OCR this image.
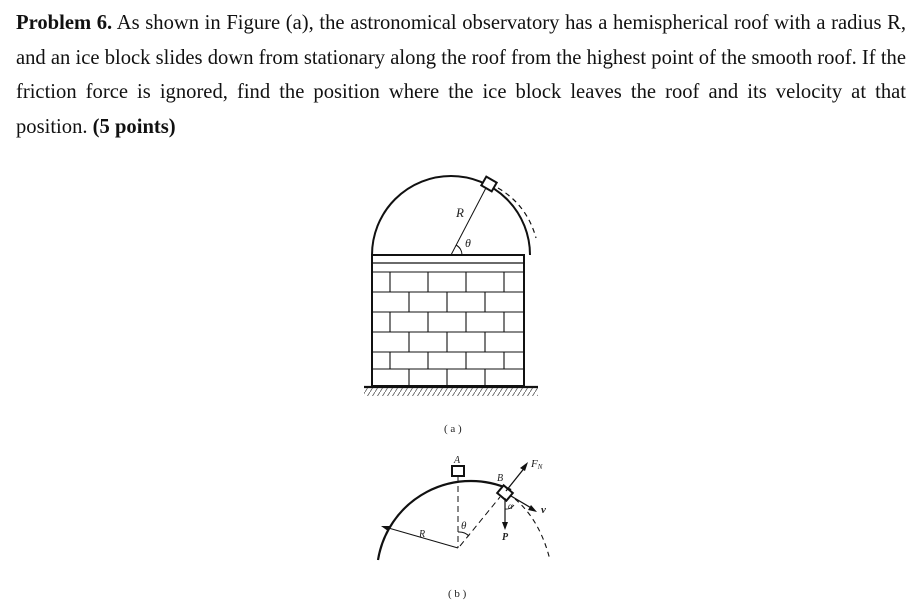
Problem 6. As shown in Figure (a), the astronomical observatory has a hemispherical roof with a radius R, and an ice block slides down from stationary along the roof from the highest point of the smooth roof. If the friction force is ignored, find the position where the ice block leaves the roof and its velocity at that position. (5 points)
R
θ
( a )
A
B
R
θ
α
FN
P
v
( b )
